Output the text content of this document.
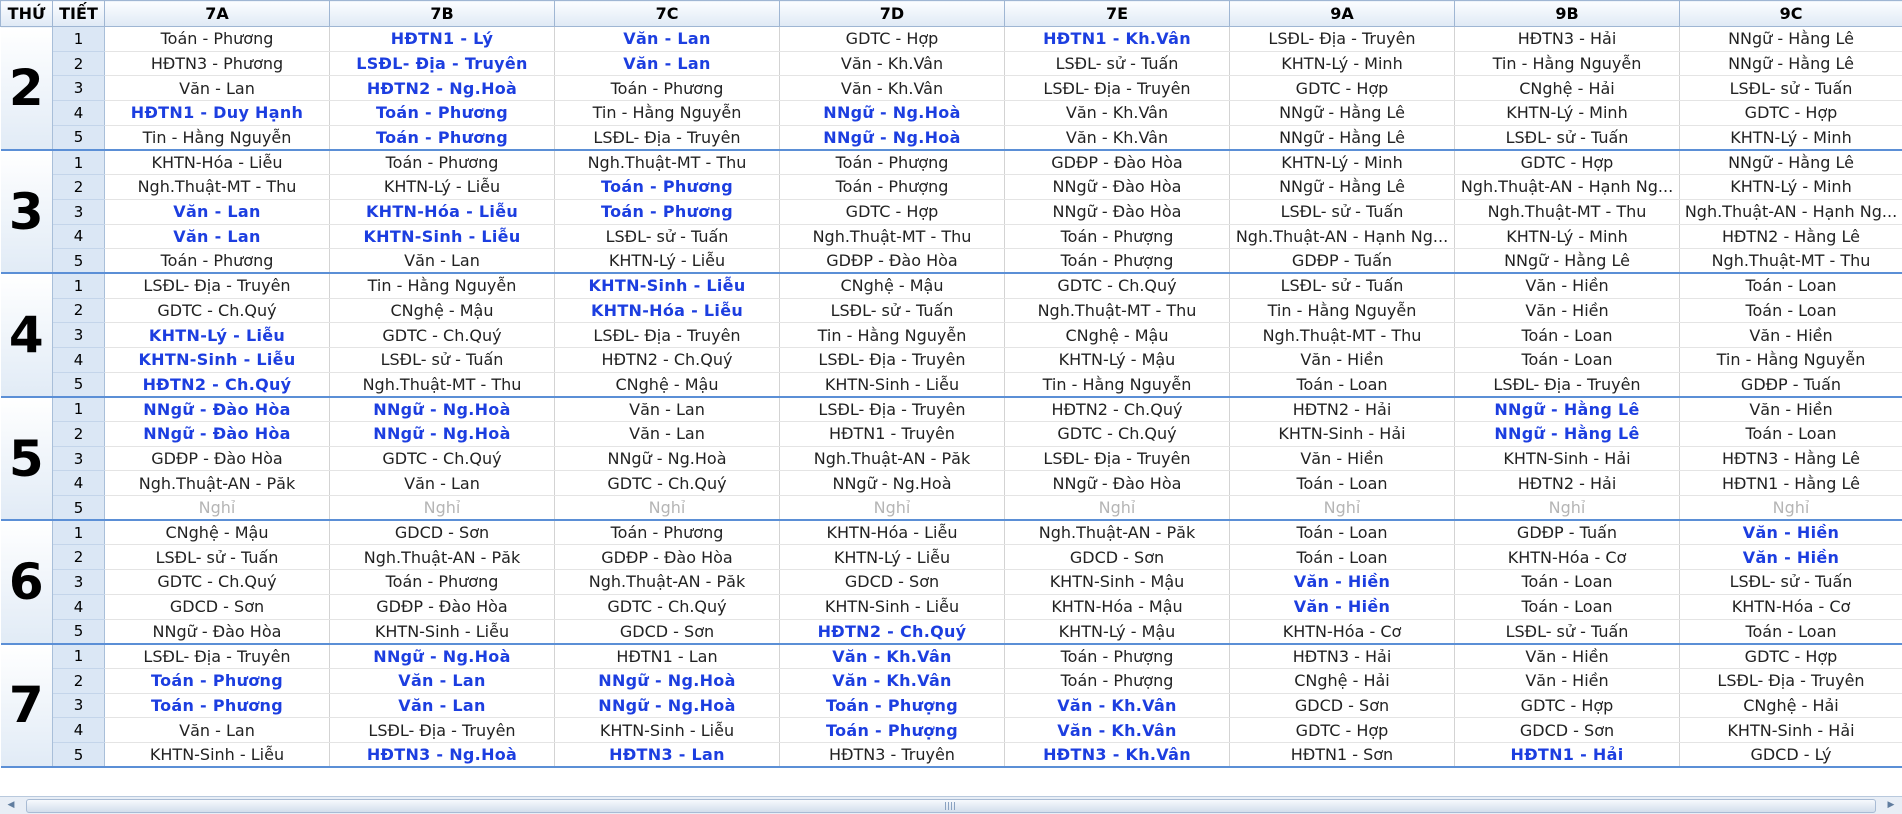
THỨ	TIẾT	7A	7B	7C	7D	7E	9A	9B	9C
2	1	Toán - Phương	HĐTN1 - Lý	Văn - Lan	GDTC - Hợp	HĐTN1 - Kh.Vân	LSĐL- Địa - Truyên	HĐTN3 - Hải	NNgữ - Hằng Lê
	2	HĐTN3 - Phương	LSĐL- Địa - Truyên	Văn - Lan	Văn - Kh.Vân	LSĐL- sử - Tuấn	KHTN-Lý - Minh	Tin - Hằng Nguyễn	NNgữ - Hằng Lê
	3	Văn - Lan	HĐTN2 - Ng.Hoà	Toán - Phương	Văn - Kh.Vân	LSĐL- Địa - Truyên	GDTC - Hợp	CNghệ - Hải	LSĐL- sử - Tuấn
	4	HĐTN1 - Duy Hạnh	Toán - Phương	Tin - Hằng Nguyễn	NNgữ - Ng.Hoà	Văn - Kh.Vân	NNgữ - Hằng Lê	KHTN-Lý - Minh	GDTC - Hợp
	5	Tin - Hằng Nguyễn	Toán - Phương	LSĐL- Địa - Truyên	NNgữ - Ng.Hoà	Văn - Kh.Vân	NNgữ - Hằng Lê	LSĐL- sử - Tuấn	KHTN-Lý - Minh
3	1	KHTN-Hóa - Liễu	Toán - Phương	Ngh.Thuật-MT - Thu	Toán - Phượng	GDĐP - Đào Hòa	KHTN-Lý - Minh	GDTC - Hợp	NNgữ - Hằng Lê
	2	Ngh.Thuật-MT - Thu	KHTN-Lý - Liễu	Toán - Phương	Toán - Phượng	NNgữ - Đào Hòa	NNgữ - Hằng Lê	Ngh.Thuật-AN - Hạnh Ng...	KHTN-Lý - Minh
	3	Văn - Lan	KHTN-Hóa - Liễu	Toán - Phương	GDTC - Hợp	NNgữ - Đào Hòa	LSĐL- sử - Tuấn	Ngh.Thuật-MT - Thu	Ngh.Thuật-AN - Hạnh Ng...
	4	Văn - Lan	KHTN-Sinh - Liễu	LSĐL- sử - Tuấn	Ngh.Thuật-MT - Thu	Toán - Phượng	Ngh.Thuật-AN - Hạnh Ng...	KHTN-Lý - Minh	HĐTN2 - Hằng Lê
	5	Toán - Phương	Văn - Lan	KHTN-Lý - Liễu	GDĐP - Đào Hòa	Toán - Phượng	GDĐP - Tuấn	NNgữ - Hằng Lê	Ngh.Thuật-MT - Thu
4	1	LSĐL- Địa - Truyên	Tin - Hằng Nguyễn	KHTN-Sinh - Liễu	CNghệ - Mậu	GDTC - Ch.Quý	LSĐL- sử - Tuấn	Văn - Hiền	Toán - Loan
	2	GDTC - Ch.Quý	CNghệ - Mậu	KHTN-Hóa - Liễu	LSĐL- sử - Tuấn	Ngh.Thuật-MT - Thu	Tin - Hằng Nguyễn	Văn - Hiền	Toán - Loan
	3	KHTN-Lý - Liễu	GDTC - Ch.Quý	LSĐL- Địa - Truyên	Tin - Hằng Nguyễn	CNghệ - Mậu	Ngh.Thuật-MT - Thu	Toán - Loan	Văn - Hiền
	4	KHTN-Sinh - Liễu	LSĐL- sử - Tuấn	HĐTN2 - Ch.Quý	LSĐL- Địa - Truyên	KHTN-Lý - Mậu	Văn - Hiền	Toán - Loan	Tin - Hằng Nguyễn
	5	HĐTN2 - Ch.Quý	Ngh.Thuật-MT - Thu	CNghệ - Mậu	KHTN-Sinh - Liễu	Tin - Hằng Nguyễn	Toán - Loan	LSĐL- Địa - Truyên	GDĐP - Tuấn
5	1	NNgữ - Đào Hòa	NNgữ - Ng.Hoà	Văn - Lan	LSĐL- Địa - Truyên	HĐTN2 - Ch.Quý	HĐTN2 - Hải	NNgữ - Hằng Lê	Văn - Hiền
	2	NNgữ - Đào Hòa	NNgữ - Ng.Hoà	Văn - Lan	HĐTN1 - Truyên	GDTC - Ch.Quý	KHTN-Sinh - Hải	NNgữ - Hằng Lê	Toán - Loan
	3	GDĐP - Đào Hòa	GDTC - Ch.Quý	NNgữ - Ng.Hoà	Ngh.Thuật-AN - Păk	LSĐL- Địa - Truyên	Văn - Hiền	KHTN-Sinh - Hải	HĐTN3 - Hằng Lê
	4	Ngh.Thuật-AN - Păk	Văn - Lan	GDTC - Ch.Quý	NNgữ - Ng.Hoà	NNgữ - Đào Hòa	Toán - Loan	HĐTN2 - Hải	HĐTN1 - Hằng Lê
	5	Nghỉ	Nghỉ	Nghỉ	Nghỉ	Nghỉ	Nghỉ	Nghỉ	Nghỉ
6	1	CNghệ - Mậu	GDCD - Sơn	Toán - Phương	KHTN-Hóa - Liễu	Ngh.Thuật-AN - Păk	Toán - Loan	GDĐP - Tuấn	Văn - Hiền
	2	LSĐL- sử - Tuấn	Ngh.Thuật-AN - Păk	GDĐP - Đào Hòa	KHTN-Lý - Liễu	GDCD - Sơn	Toán - Loan	KHTN-Hóa - Cơ	Văn - Hiền
	3	GDTC - Ch.Quý	Toán - Phương	Ngh.Thuật-AN - Păk	GDCD - Sơn	KHTN-Sinh - Mậu	Văn - Hiền	Toán - Loan	LSĐL- sử - Tuấn
	4	GDCD - Sơn	GDĐP - Đào Hòa	GDTC - Ch.Quý	KHTN-Sinh - Liễu	KHTN-Hóa - Mậu	Văn - Hiền	Toán - Loan	KHTN-Hóa - Cơ
	5	NNgữ - Đào Hòa	KHTN-Sinh - Liễu	GDCD - Sơn	HĐTN2 - Ch.Quý	KHTN-Lý - Mậu	KHTN-Hóa - Cơ	LSĐL- sử - Tuấn	Toán - Loan
7	1	LSĐL- Địa - Truyên	NNgữ - Ng.Hoà	HĐTN1 - Lan	Văn - Kh.Vân	Toán - Phượng	HĐTN3 - Hải	Văn - Hiền	GDTC - Hợp
	2	Toán - Phương	Văn - Lan	NNgữ - Ng.Hoà	Văn - Kh.Vân	Toán - Phượng	CNghệ - Hải	Văn - Hiền	LSĐL- Địa - Truyên
	3	Toán - Phương	Văn - Lan	NNgữ - Ng.Hoà	Toán - Phượng	Văn - Kh.Vân	GDCD - Sơn	GDTC - Hợp	CNghệ - Hải
	4	Văn - Lan	LSĐL- Địa - Truyên	KHTN-Sinh - Liễu	Toán - Phượng	Văn - Kh.Vân	GDTC - Hợp	GDCD - Sơn	KHTN-Sinh - Hải
	5	KHTN-Sinh - Liễu	HĐTN3 - Ng.Hoà	HĐTN3 - Lan	HĐTN3 - Truyên	HĐTN3 - Kh.Vân	HĐTN1 - Sơn	HĐTN1 - Hải	GDCD - Lý
◀	▶
